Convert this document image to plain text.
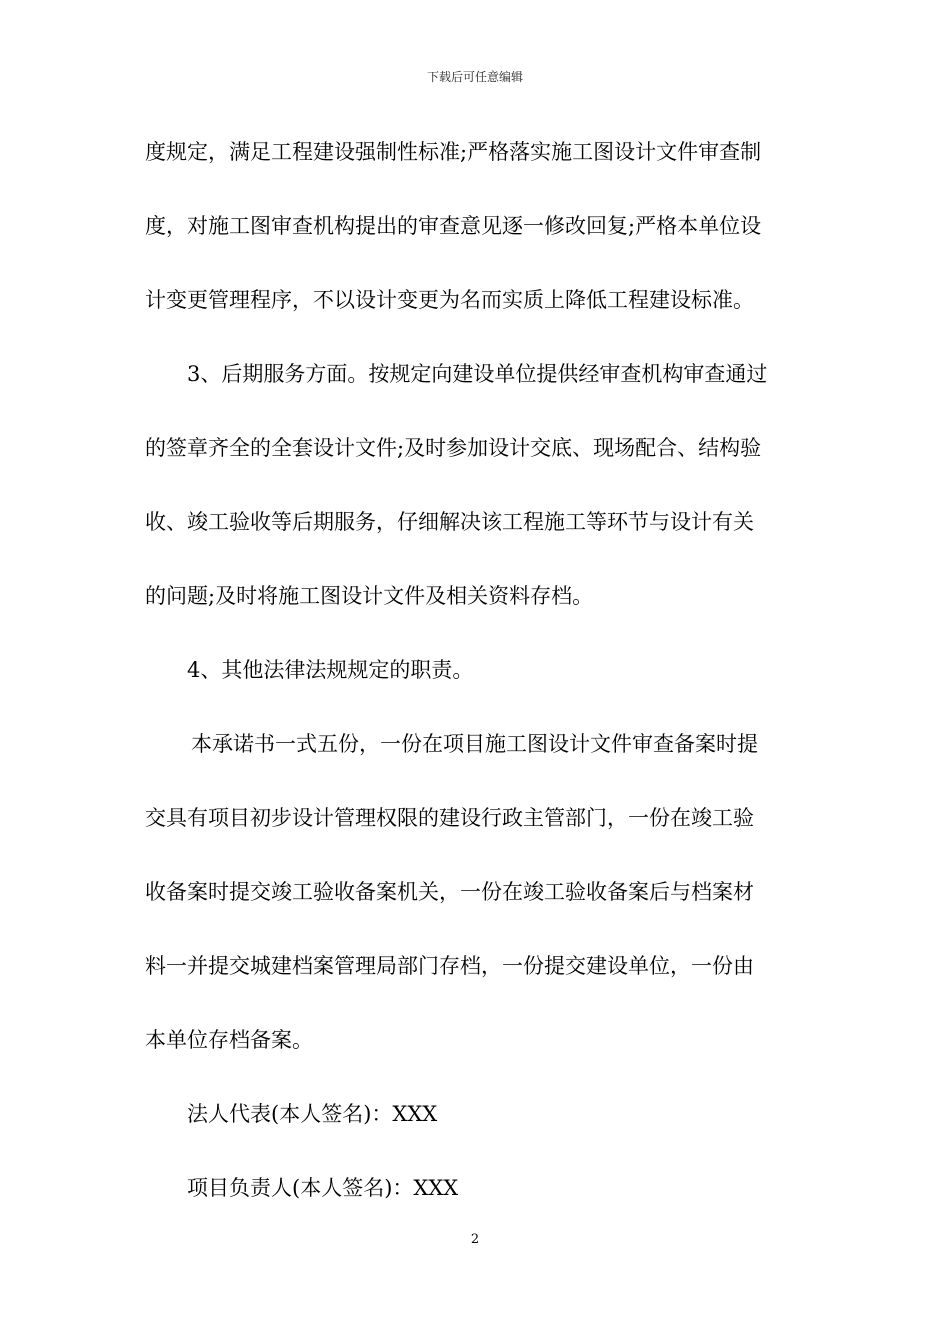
下载后可任意编辑
度规定，满足工程建设强制性标准;严格落实施工图设计文件审查制
度，对施工图审查机构提出的审查意见逐一修改回复;严格本单位设
计变更管理程序，不以设计变更为名而实质上降低工程建设标准。
3、后期服务方面。按规定向建设单位提供经审查机构审查通过
的签章齐全的全套设计文件;及时参加设计交底、现场配合、结构验
收、竣工验收等后期服务，仔细解决该工程施工等环节与设计有关
的问题;及时将施工图设计文件及相关资料存档。
4、其他法律法规规定的职责。
本承诺书一式五份，一份在项目施工图设计文件审查备案时提
交具有项目初步设计管理权限的建设行政主管部门，一份在竣工验
收备案时提交竣工验收备案机关，一份在竣工验收备案后与档案材
料一并提交城建档案管理局部门存档，一份提交建设单位，一份由
本单位存档备案。
法人代表(本人签名)：XXX
项目负责人(本人签名)：XXX
2
